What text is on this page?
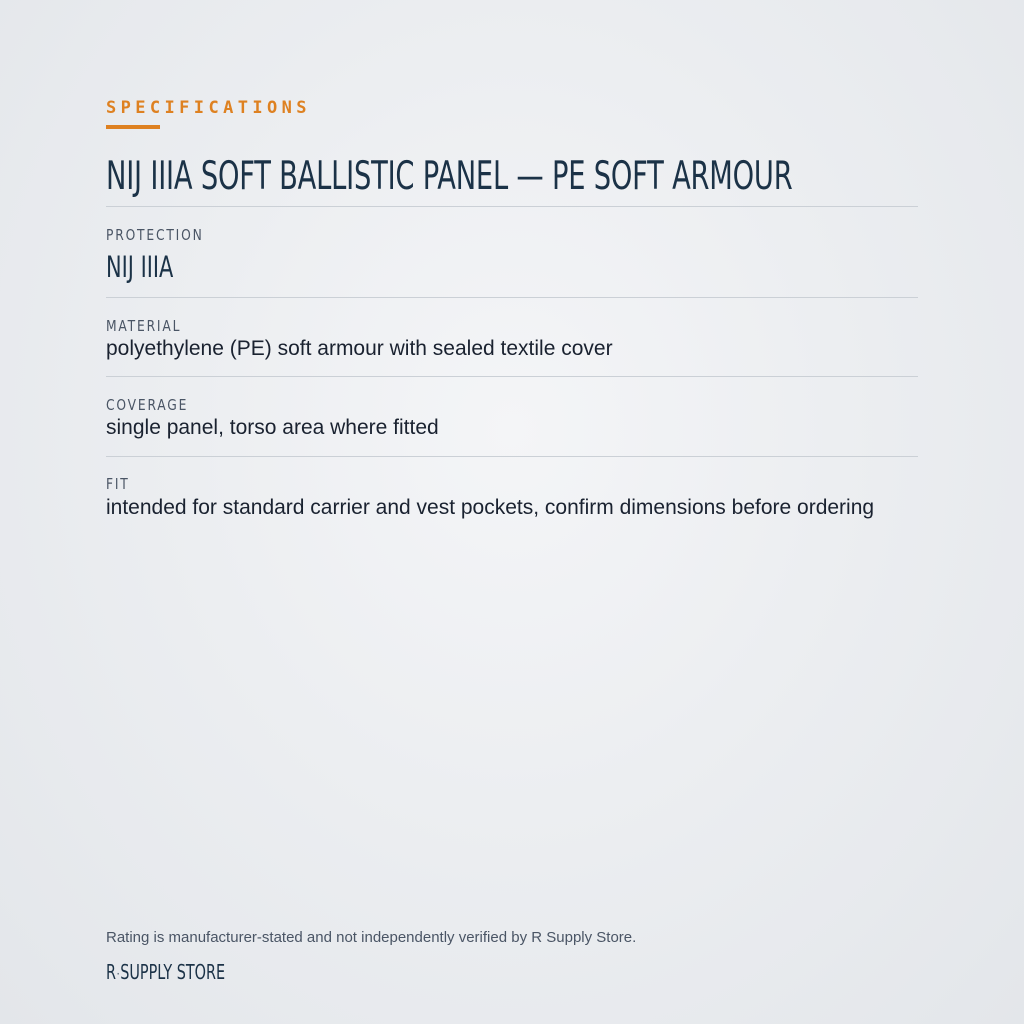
SPECIFICATIONS
NIJ IIIA SOFT BALLISTIC PANEL — PE SOFT ARMOUR
PROTECTION
NIJ IIIA
MATERIAL
polyethylene (PE) soft armour with sealed textile cover
COVERAGE
single panel, torso area where fitted
FIT
intended for standard carrier and vest pockets, confirm dimensions before ordering
Rating is manufacturer-stated and not independently verified by R Supply Store.
R·SUPPLY STORE
